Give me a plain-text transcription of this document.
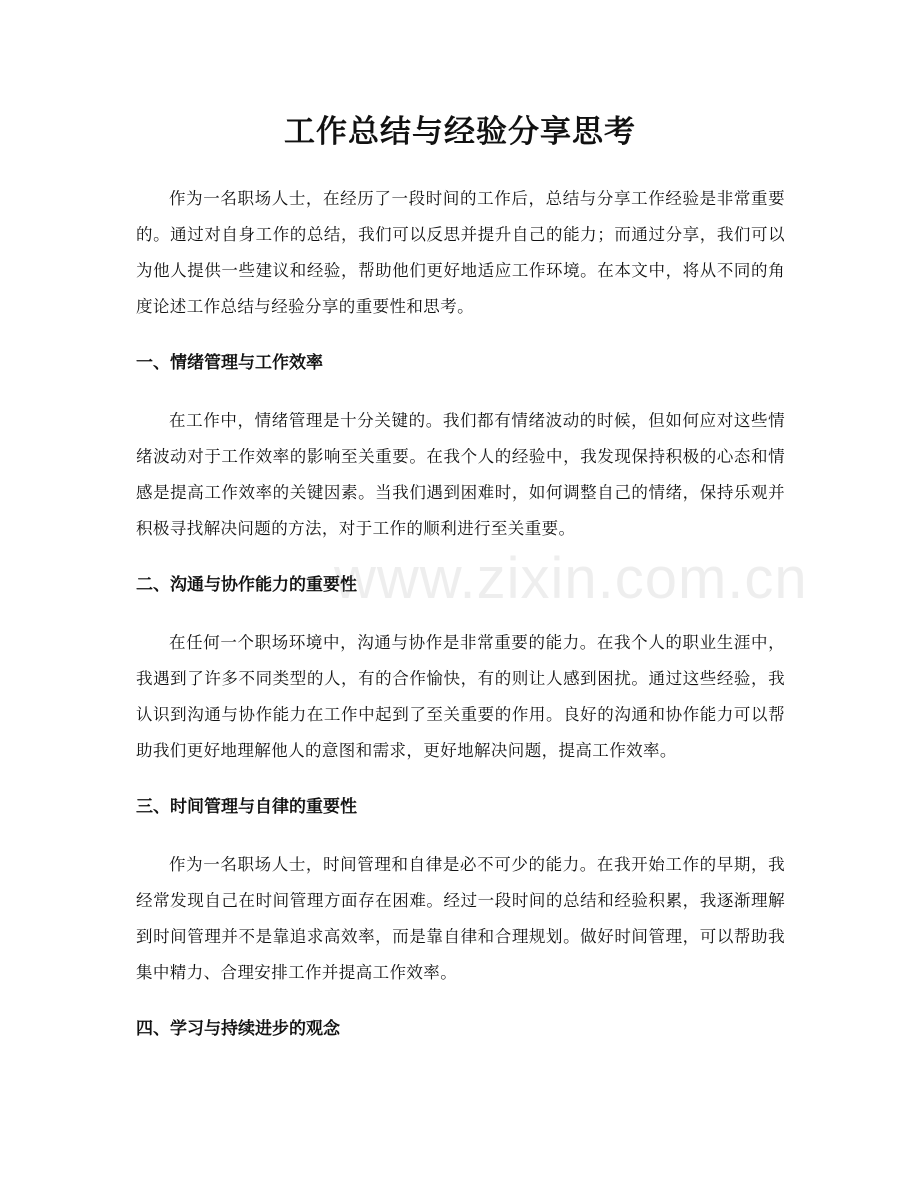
工作总结与经验分享思考

作为一名职场人士，在经历了一段时间的工作后，总结与分享工作经验是非常重要的。通过对自身工作的总结，我们可以反思并提升自己的能力；而通过分享，我们可以为他人提供一些建议和经验，帮助他们更好地适应工作环境。在本文中，将从不同的角度论述工作总结与经验分享的重要性和思考。

一、情绪管理与工作效率

在工作中，情绪管理是十分关键的。我们都有情绪波动的时候，但如何应对这些情绪波动对于工作效率的影响至关重要。在我个人的经验中，我发现保持积极的心态和情感是提高工作效率的关键因素。当我们遇到困难时，如何调整自己的情绪，保持乐观并积极寻找解决问题的方法，对于工作的顺利进行至关重要。

二、沟通与协作能力的重要性

在任何一个职场环境中，沟通与协作是非常重要的能力。在我个人的职业生涯中，我遇到了许多不同类型的人，有的合作愉快，有的则让人感到困扰。通过这些经验，我认识到沟通与协作能力在工作中起到了至关重要的作用。良好的沟通和协作能力可以帮助我们更好地理解他人的意图和需求，更好地解决问题，提高工作效率。

三、时间管理与自律的重要性

作为一名职场人士，时间管理和自律是必不可少的能力。在我开始工作的早期，我经常发现自己在时间管理方面存在困难。经过一段时间的总结和经验积累，我逐渐理解到时间管理并不是靠追求高效率，而是靠自律和合理规划。做好时间管理，可以帮助我集中精力、合理安排工作并提高工作效率。

四、学习与持续进步的观念
www.zixin.com.cn
